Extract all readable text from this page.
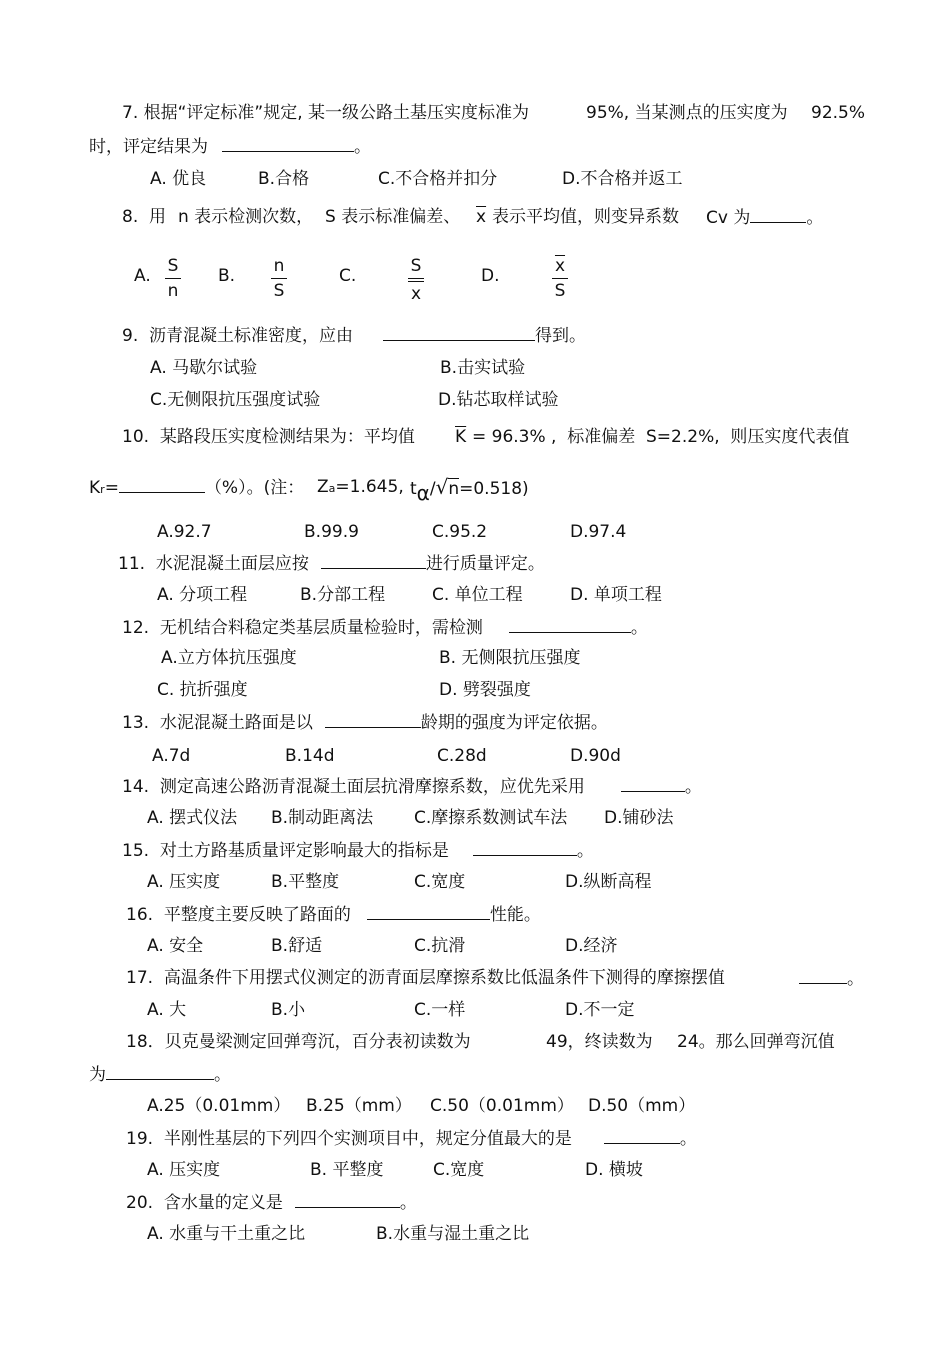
7. 根据“评定标准”规定, 某一级公路土基压实度标准为	95%, 当某测点的压实度为 92.5%
时，评定结果为	。
A. 优良	B.合格	C.不合格并扣分	D.不合格并返工
8.  用 n 表示检测次数， S 表示标准偏差、 $\overline{x}$ 表示平均值，则变异系数 Cv 为	。
A. S
n
B. n
S
C.	S
x
D.	$\overline{x}$
S
9.  沥青混凝土标准密度，应由	得到。
A. 马歇尔试验	B.击实试验
C.无侧限抗压强度试验	D.钻芯取样试验
10.  某路段压实度检测结果为：平均值 $\overline{K} = 96.3\%$ ,  标准偏差 S=2.2%,  则压实度代表值
Kr=	（%）。(注： Za=1.645, tα/√n=0.518)
A.92.7	B.99.9	C.95.2	D.97.4
11.  水泥混凝土面层应按	进行质量评定。
A. 分项工程	B.分部工程	C. 单位工程	D. 单项工程
12.  无机结合料稳定类基层质量检验时，需检测	。
A.立方体抗压强度	B. 无侧限抗压强度
C. 抗折强度	D. 劈裂强度
13.  水泥混凝土路面是以	龄期的强度为评定依据。
A.7d	B.14d	C.28d	D.90d
14.  测定高速公路沥青混凝土面层抗滑摩擦系数，应优先采用	。
A. 摆式仪法 B.制动距离法 C.摩擦系数测试车法 D.铺砂法
15.  对土方路基质量评定影响最大的指标是	。
A. 压实度	B.平整度	C.宽度	D.纵断高程
16.  平整度主要反映了路面的	性能。
A. 安全	B.舒适	C.抗滑	D.经济
17.  高温条件下用摆式仪测定的沥青面层摩擦系数比低温条件下测得的摩擦摆值	。
A. 大	B.小	C.一样	D.不一定
18．贝克曼梁测定回弹弯沉，百分表初读数为	49，终读数为 24。那么回弹弯沉值
为	。
A.25（0.01mm） B.25（mm） C.50（0.01mm） D.50（mm）
19.  半刚性基层的下列四个实测项目中，规定分值最大的是	。
A. 压实度	B. 平整度	C.宽度	D. 横坡
20.  含水量的定义是	。
A. 水重与干土重之比	B.水重与湿土重之比
